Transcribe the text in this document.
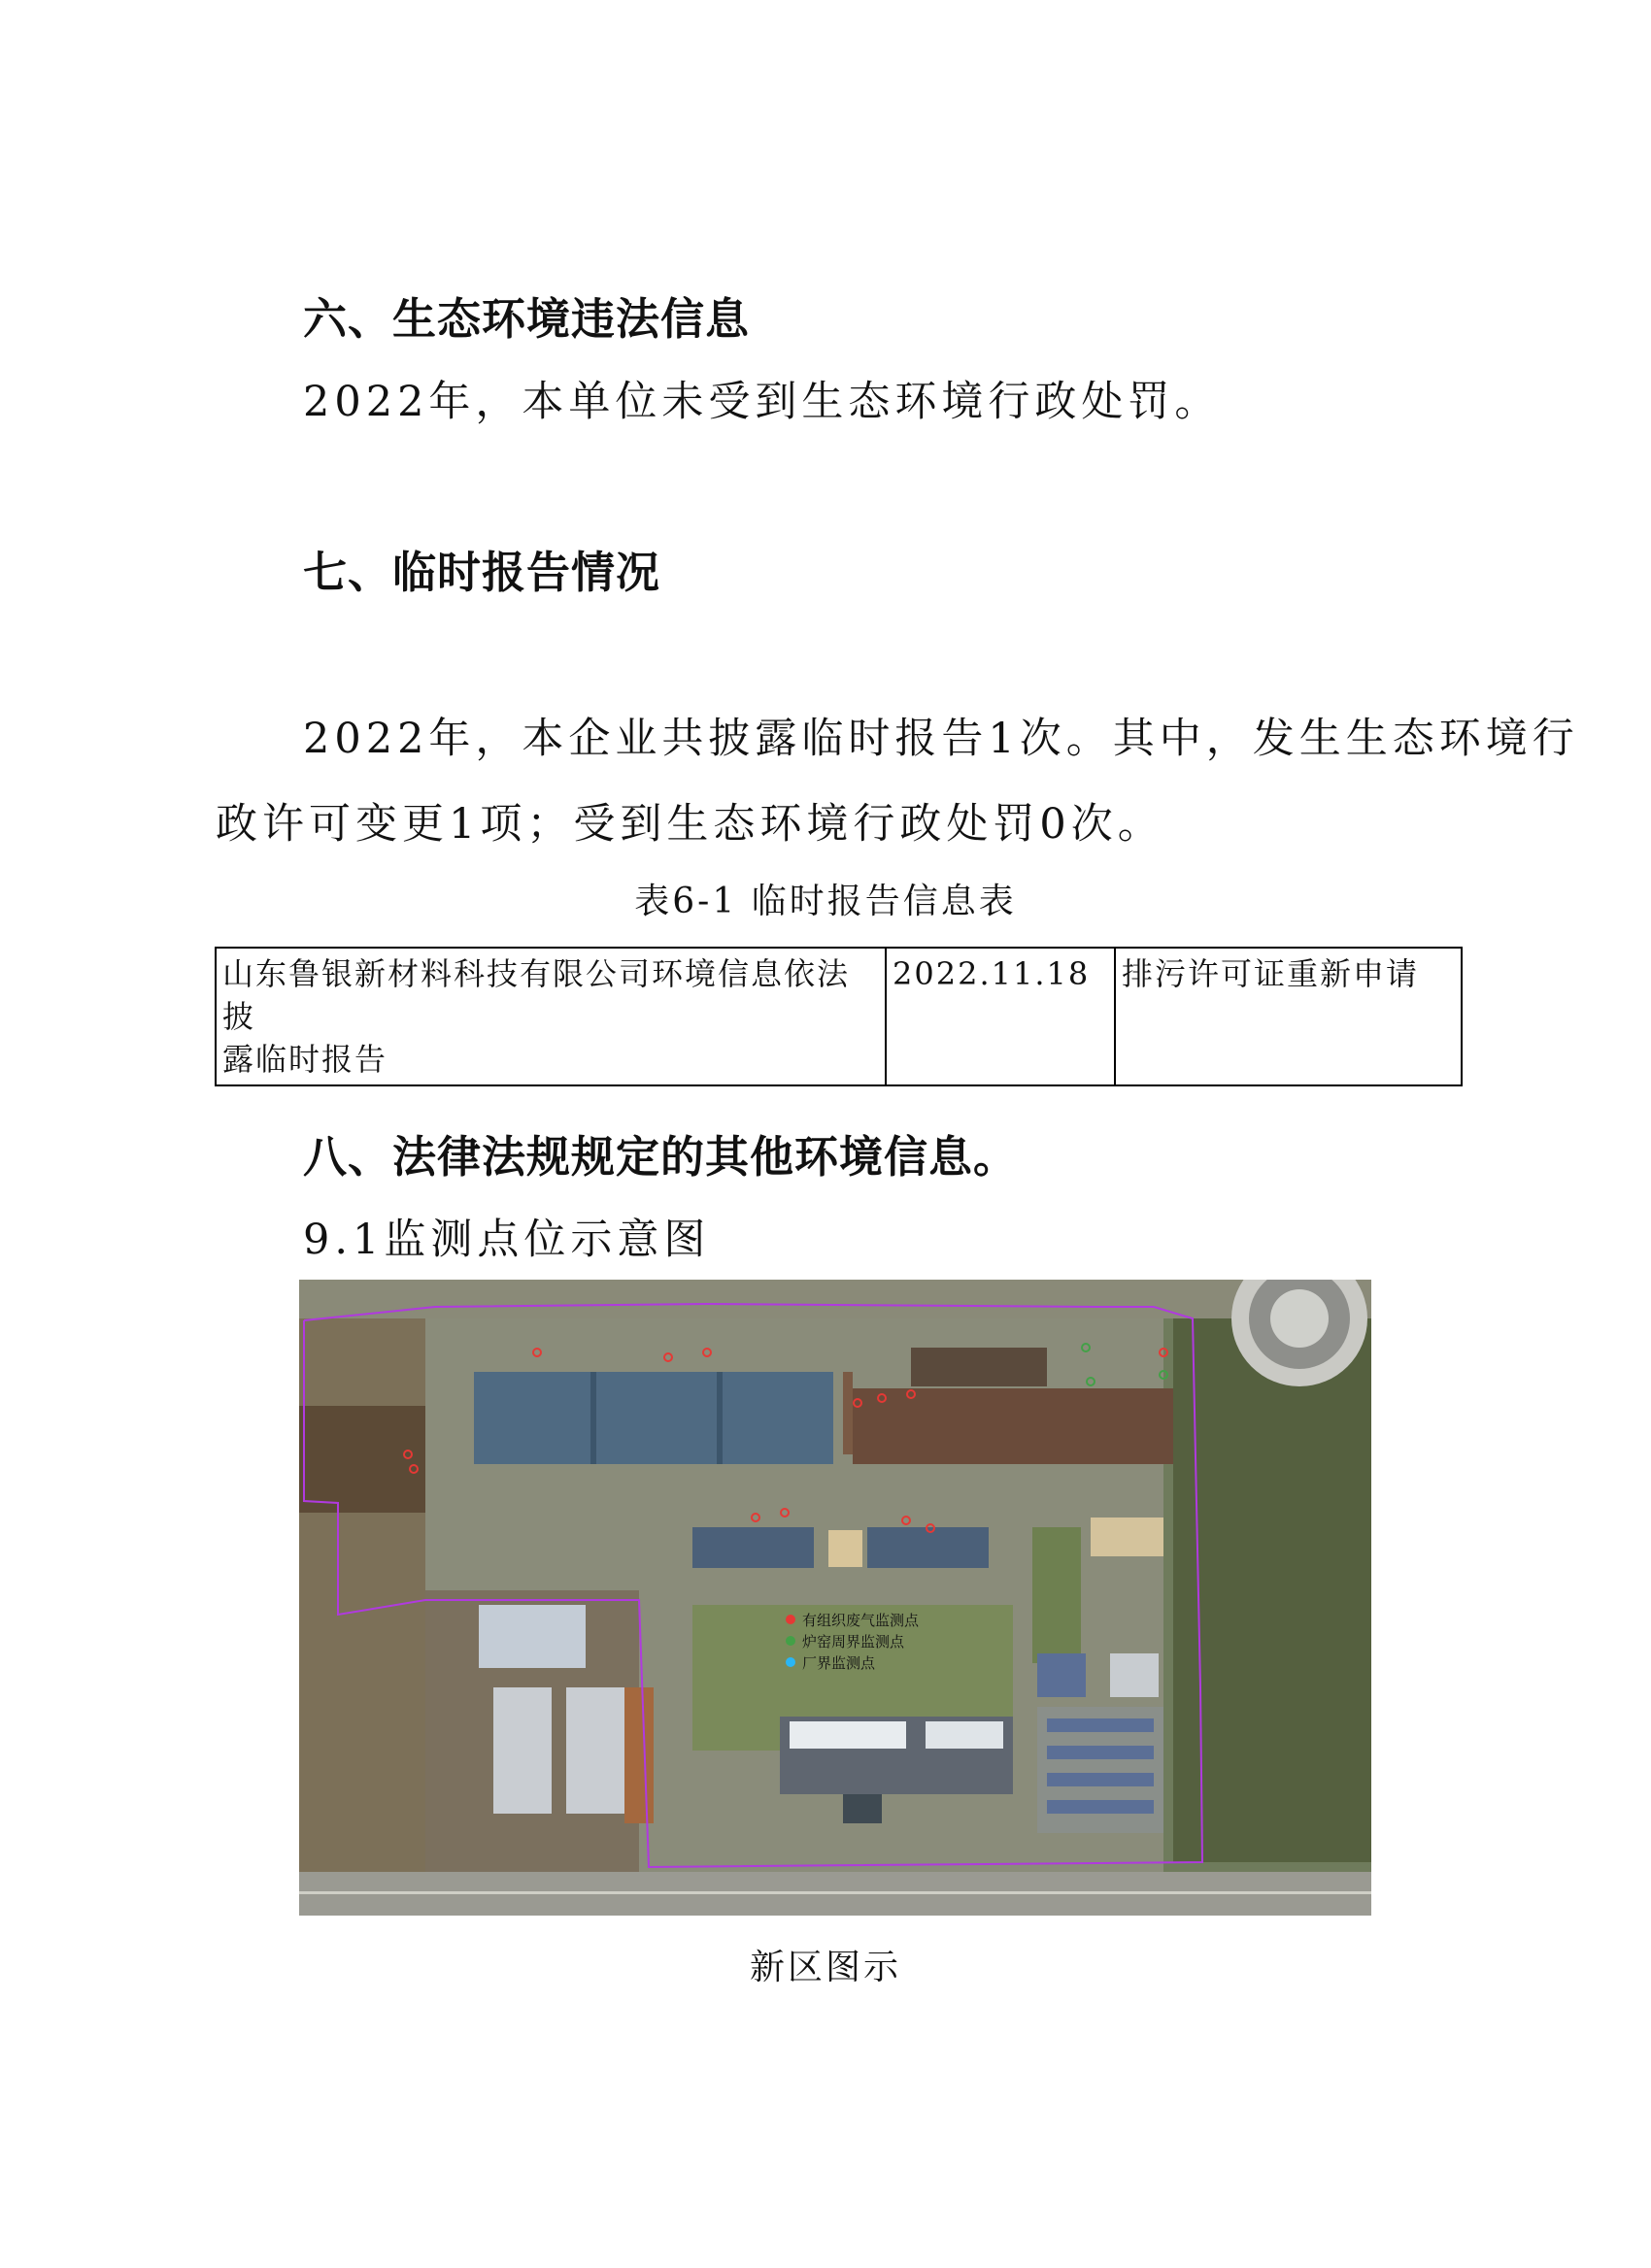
六、生态环境违法信息
2022年，本单位未受到生态环境行政处罚。
七、临时报告情况
2022年，本企业共披露临时报告1次。其中，发生生态环境行
政许可变更1项；受到生态环境行政处罚0次。
表6-1 临时报告信息表
山东鲁银新材料科技有限公司环境信息依法披
露临时报告
	2022.11.18	排污许可证重新申请
八、法律法规规定的其他环境信息。
9.1监测点位示意图
有组织废气监测点
炉窑周界监测点
厂界监测点
新区图示
